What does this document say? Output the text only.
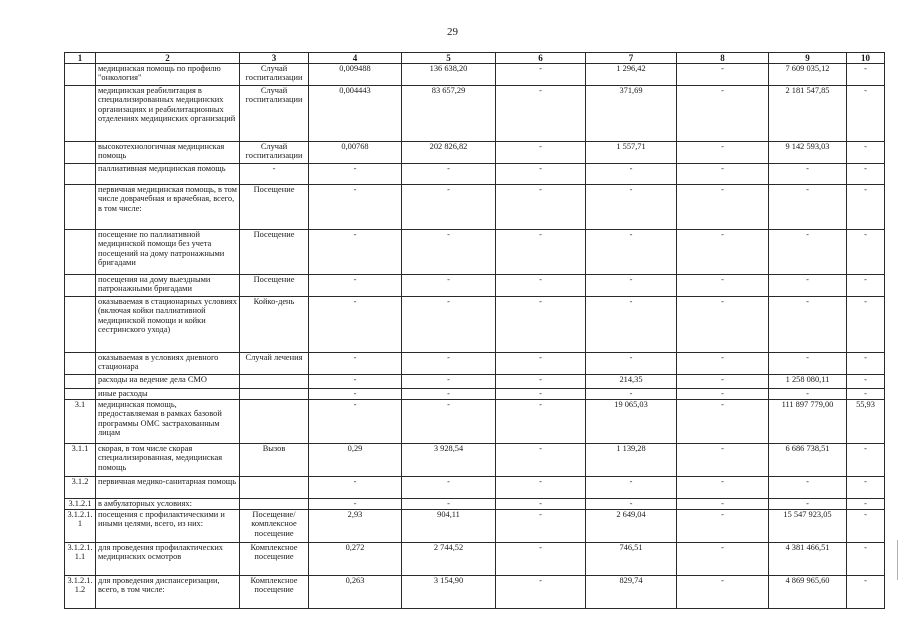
29
1	2	3	4	5	6	7	8	9	10
	медицинская помощь по профилю "онкология"	Случай госпитализации	0,009488	136 638,20	-	1 296,42	-	7 609 035,12	-
	медицинская реабилитация в специализированных медицинских организациях и реабилитационных отделениях медицинских организаций	Случай госпитализации	0,004443	83 657,29	-	371,69	-	2 181 547,85	-
	высокотехнологичная медицинская помощь	Случай госпитализации	0,00768	202 826,82	-	1 557,71	-	9 142 593,03	-
	паллиативная медицинская помощь	-	-	-	-	-	-	-	-
	первичная медицинская помощь, в том числе доврачебная и врачебная, всего, в том числе:	Посещение	-	-	-	-	-	-	-
	посещение по паллиативной медицинской помощи без учета посещений на дому патронажными бригадами	Посещение	-	-	-	-	-	-	-
	посещения на дому выездными патронажными бригадами	Посещение	-	-	-	-	-	-	-
	оказываемая в стационарных условиях (включая койки паллиативной медицинской помощи и койки сестринского ухода)	Койко-день	-	-	-	-	-	-	-
	оказываемая в условиях дневного стационара	Случай лечения	-	-	-	-	-	-	-
	расходы на ведение дела СМО		-	-	-	214,35	-	1 258 080,11	-
	иные расходы		-	-	-	-	-	-	-
3.1	медицинская помощь, предоставляемая в рамках базовой программы ОМС застрахованным лицам		-	-	-	19 065,03	-	111 897 779,00	55,93
3.1.1	скорая, в том числе скорая специализированная, медицинская помощь	Вызов	0,29	3 928,54	-	1 139,28	-	6 686 738,51	-
3.1.2	первичная медико-санитарная помощь		-	-	-	-	-	-	-
3.1.2.1	в амбулаторных условиях:		-	-	-	-	-	-	-
3.1.2.1.1	посещения с профилактическими и иными целями, всего, из них:	Посещение/ комплексное посещение	2,93	904,11	-	2 649,04	-	15 547 923,05	-
3.1.2.1.1.1	для проведения профилактических медицинских осмотров	Комплексное посещение	0,272	2 744,52	-	746,51	-	4 381 466,51	-
3.1.2.1.1.2	для проведения диспансеризации, всего, в том числе:	Комплексное посещение	0,263	3 154,90	-	829,74	-	4 869 965,60	-
